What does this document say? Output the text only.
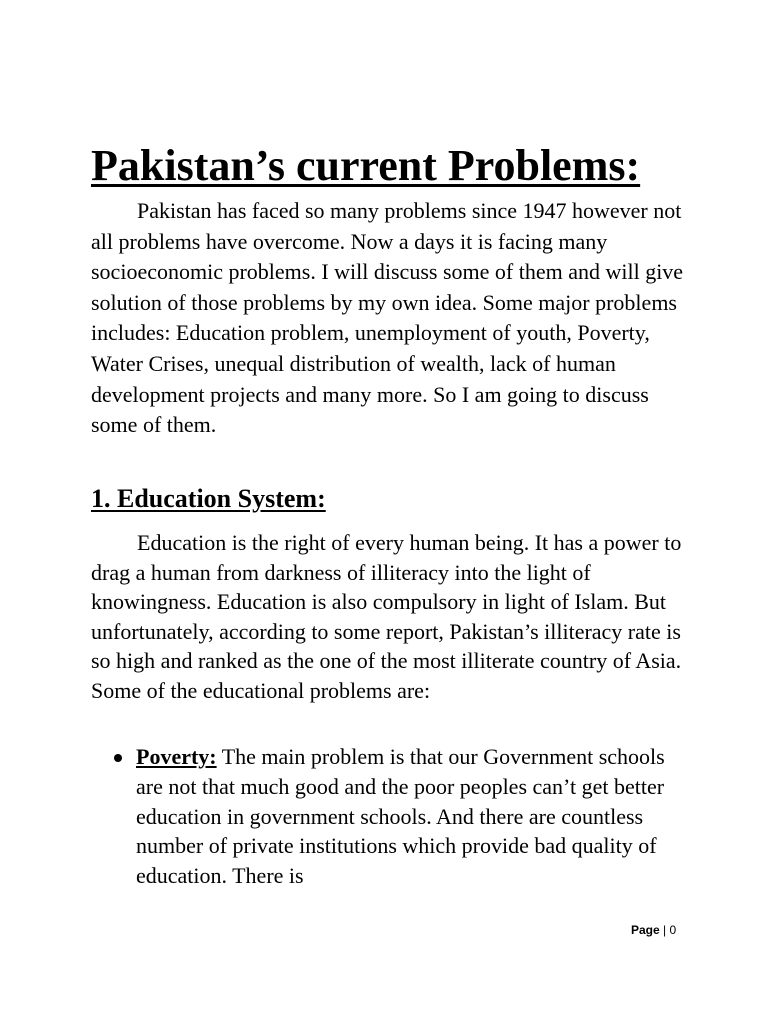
Pakistan’s current Problems:

Pakistan has faced so many problems since 1947 however not all problems have overcome. Now a days it is facing many socioeconomic problems. I will discuss some of them and will give solution of those problems by my own idea. Some major problems includes: Education problem, unemployment of youth, Poverty, Water Crises, unequal distribution of wealth, lack of human development projects and many more. So I am going to discuss some of them.

1. Education System:

Education is the right of every human being. It has a power to drag a human from darkness of illiteracy into the light of knowingness. Education is also compulsory in light of Islam. But unfortunately, according to some report, Pakistan’s illiteracy rate is so high and ranked as the one of the most illiterate country of Asia. Some of the educational problems are:

Poverty: The main problem is that our Government schools are not that much good and the poor peoples can’t get better education in government schools. And there are countless number of private institutions which provide bad quality of education. There is
Page | 0
